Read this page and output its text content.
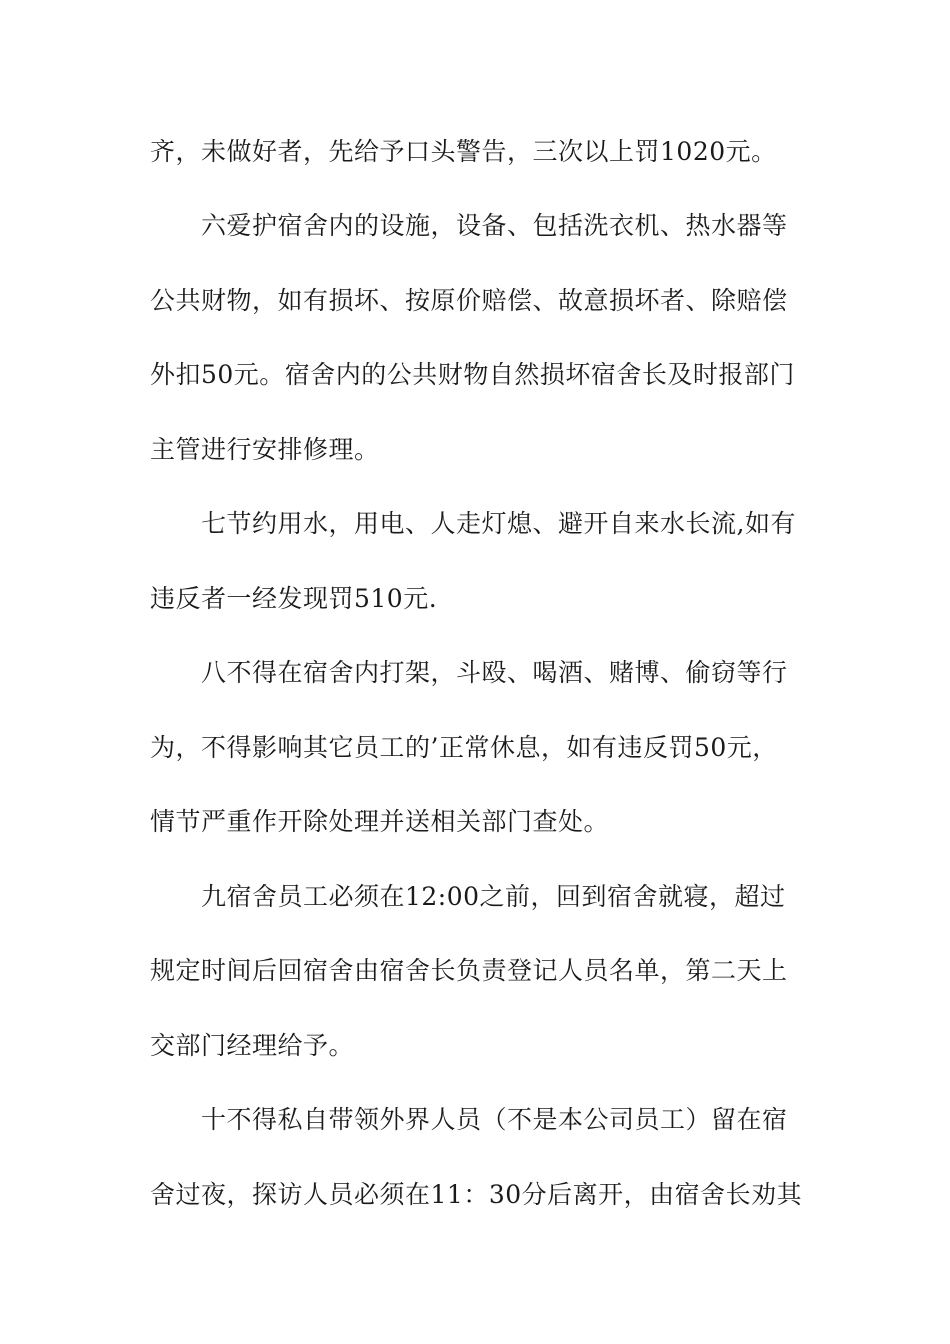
齐，未做好者，先给予口头警告，三次以上罚1020元。
六爱护宿舍内的设施，设备、包括洗衣机、热水器等
公共财物，如有损坏、按原价赔偿、故意损坏者、除赔偿
外扣50元。宿舍内的公共财物自然损坏宿舍长及时报部门
主管进行安排修理。
七节约用水，用电、人走灯熄、避开自来水长流,如有
违反者一经发现罚510元.
八不得在宿舍内打架，斗殴、喝酒、赌博、偷窃等行
为，不得影响其它员工的’正常休息，如有违反罚50元，
情节严重作开除处理并送相关部门查处。
九宿舍员工必须在12:00之前，回到宿舍就寝，超过
规定时间后回宿舍由宿舍长负责登记人员名单，第二天上
交部门经理给予。
十不得私自带领外界人员（不是本公司员工）留在宿
舍过夜，探访人员必须在11：30分后离开，由宿舍长劝其
